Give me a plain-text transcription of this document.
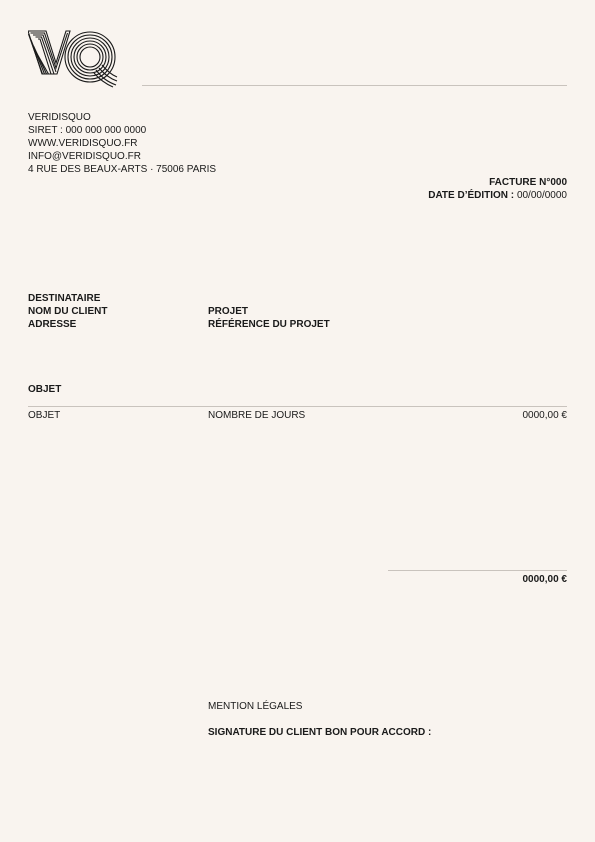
VERIDISQUO
SIRET : 000 000 000 0000
WWW.VERIDISQUO.FR
INFO@VERIDISQUO.FR
4 RUE DES BEAUX-ARTS · 75006 PARIS
FACTURE N°000
DATE D’ÉDITION : 00/00/0000
DESTINATAIRE
NOM DU CLIENT
ADRESSE
PROJET
RÉFÉRENCE DU PROJET
OBJET
OBJET	NOMBRE DE JOURS	0000,00 €
0000,00 €
MENTION LÉGALES
SIGNATURE DU CLIENT BON POUR ACCORD :
